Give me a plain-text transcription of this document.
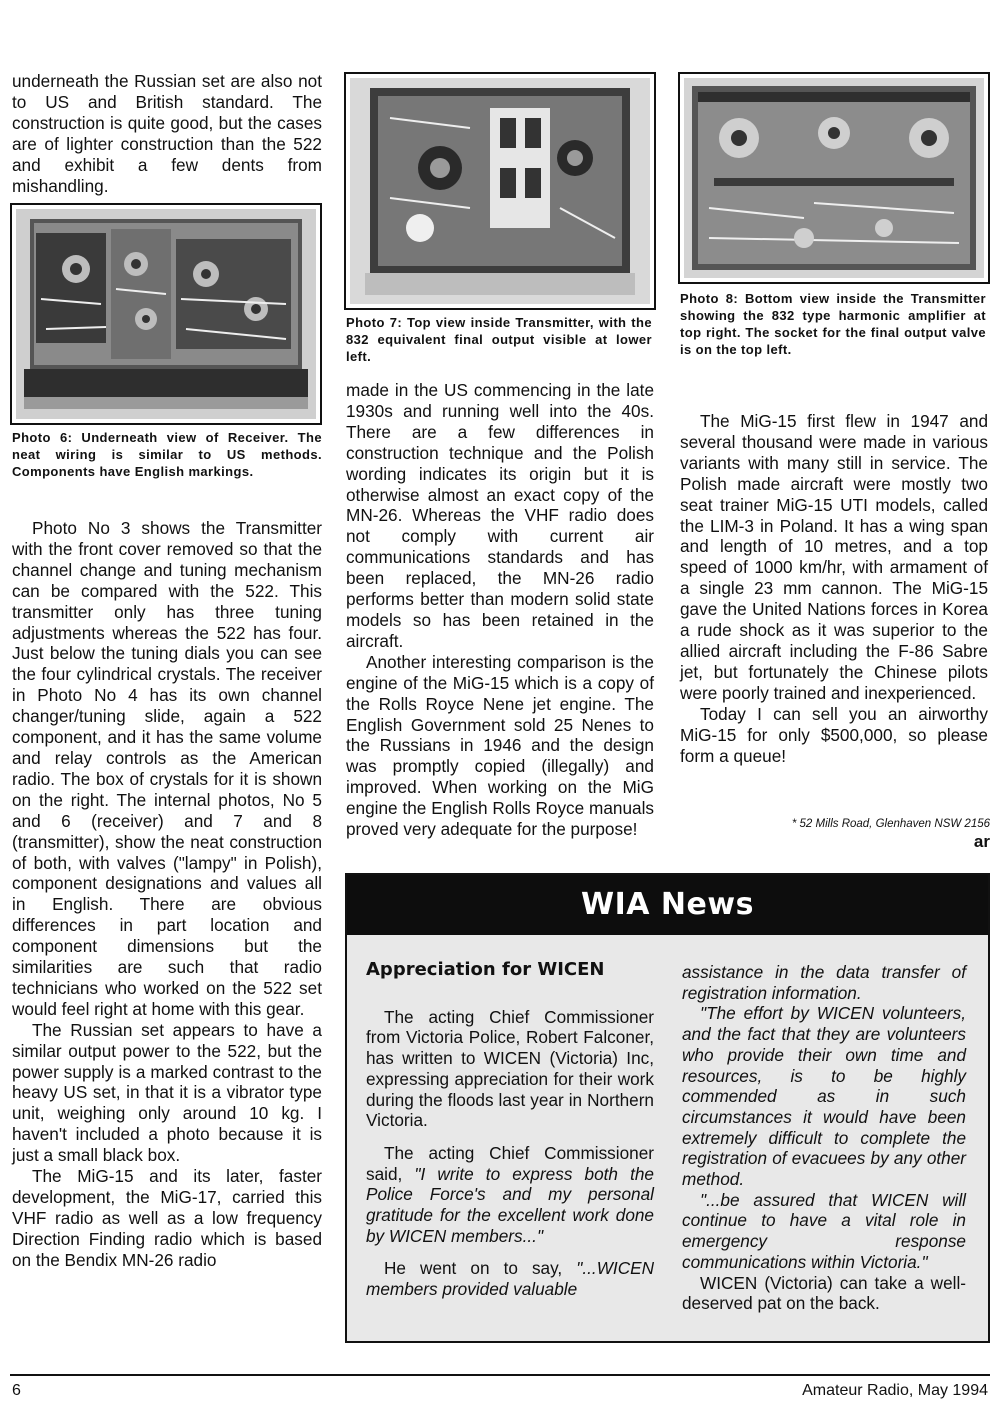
underneath the Russian set are also not to US and British standard. The construction is quite good, but the cases are of lighter construction than the 522 and exhibit a few dents from mishandling.

Photo 6: Underneath view of Receiver. The neat wiring is similar to US methods. Components have English markings.

Photo No 3 shows the Transmitter with the front cover removed so that the channel change and tuning mechanism can be compared with the 522. This transmitter only has three tuning adjustments whereas the 522 has four. Just below the tuning dials you can see the four cylindrical crystals. The receiver in Photo No 4 has its own channel changer/tuning slide, again a 522 component, and it has the same volume and relay controls as the American radio. The box of crystals for it is shown on the right. The internal photos, No 5 and 6 (receiver) and 7 and 8 (transmitter), show the neat construction of both, with valves ("lampy" in Polish), component designations and values all in English. There are obvious differences in part location and component dimensions but the similarities are such that radio technicians who worked on the 522 set would feel right at home with this gear.

The Russian set appears to have a similar output power to the 522, but the power supply is a marked contrast to the heavy US set, in that it is a vibrator type unit, weighing only around 10 kg. I haven't included a photo because it is just a small black box.

The MiG-15 and its later, faster development, the MiG-17, carried this VHF radio as well as a low frequency Direction Finding radio which is based on the Bendix MN-26 radio

Photo 7: Top view inside Transmitter, with the 832 equivalent final output visible at lower left.

made in the US commencing in the late 1930s and running well into the 40s. There are a few differences in construction technique and the Polish wording indicates its origin but it is otherwise almost an exact copy of the MN-26. Whereas the VHF radio does not comply with current air communications standards and has been replaced, the MN-26 radio performs better than modern solid state models so has been retained in the aircraft.

Another interesting comparison is the engine of the MiG-15 which is a copy of the Rolls Royce Nene jet engine. The English Government sold 25 Nenes to the Russians in 1946 and the design was promptly copied (illegally) and improved. When working on the MiG engine the English Rolls Royce manuals proved very adequate for the purpose!

Photo 8: Bottom view inside the Transmitter showing the 832 type harmonic amplifier at top right. The socket for the final output valve is on the top left.

The MiG-15 first flew in 1947 and several thousand were made in various variants with many still in service. The Polish made aircraft were mostly two seat trainer MiG-15 UTI models, called the LIM-3 in Poland. It has a wing span and length of 10 metres, and a top speed of 1000 km/hr, with armament of a single 23 mm cannon. The MiG-15 gave the United Nations forces in Korea a rude shock as it was superior to the allied aircraft including the F-86 Sabre jet, but fortunately the Chinese pilots were poorly trained and inexperienced.

Today I can sell you an airworthy MiG-15 for only $500,000, so please form a queue!

* 52 Mills Road, Glenhaven NSW 2156
ar
WIA News
Appreciation for WICEN

The acting Chief Commissioner from Victoria Police, Robert Falconer, has written to WICEN (Victoria) Inc, expressing appreciation for their work during the floods last year in Northern Victoria.

The acting Chief Commissioner said, "I write to express both the Police Force's and my personal gratitude for the excellent work done by WICEN members..."

He went on to say, "...WICEN members provided valuable

assistance in the data transfer of registration information.

"The effort by WICEN volunteers, and the fact that they are volunteers who provide their own time and resources, is to be highly commended as in such circumstances it would have been extremely difficult to complete the registration of evacuees by any other method.

"...be assured that WICEN will continue to have a vital role in emergency response communications within Victoria."

WICEN (Victoria) can take a well-deserved pat on the back.

6	Amateur Radio, May 1994
